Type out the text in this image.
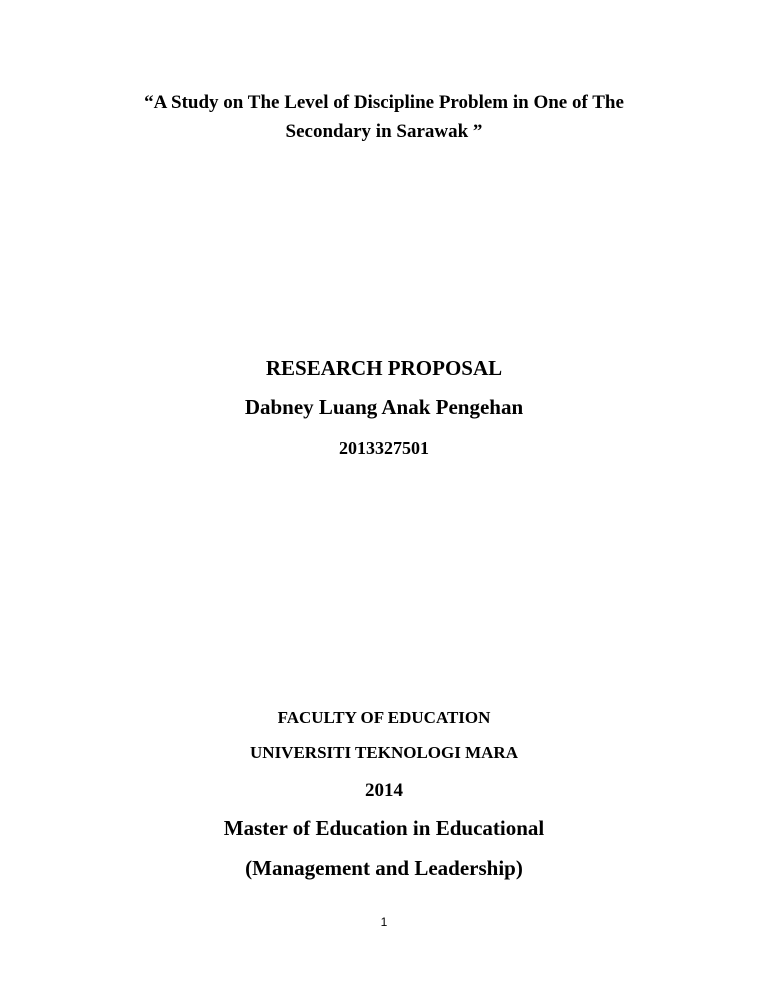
“A Study on The Level of Discipline Problem in One of The
Secondary in Sarawak ”
RESEARCH PROPOSAL
Dabney Luang Anak Pengehan
2013327501
FACULTY OF EDUCATION
UNIVERSITI TEKNOLOGI MARA
2014
Master of Education in Educational
(Management and Leadership)
1
